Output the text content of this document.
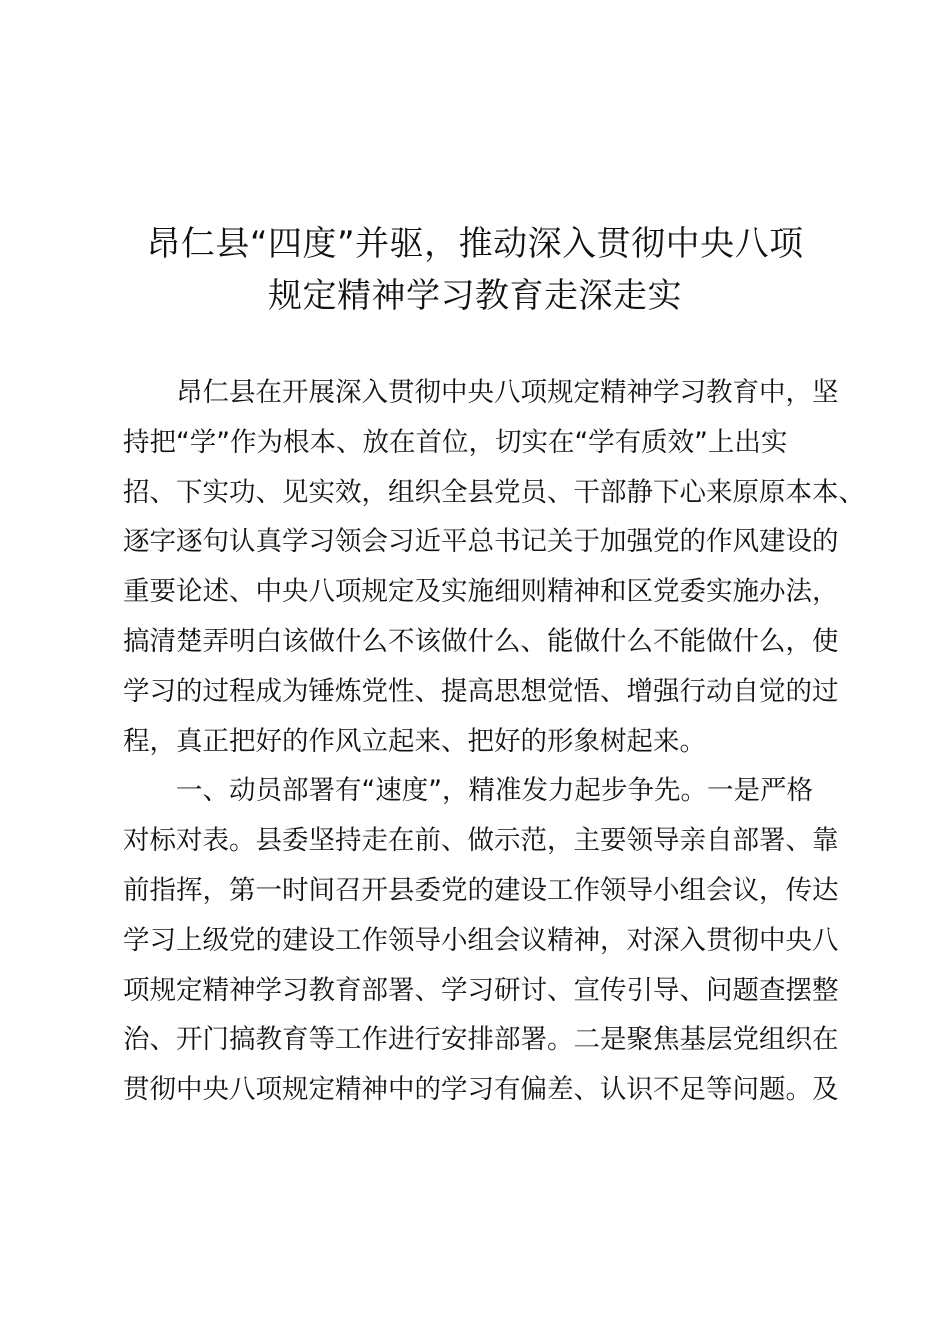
昂仁县“四度”并驱，推动深入贯彻中央八项
规定精神学习教育走深走实

昂仁县在开展深入贯彻中央八项规定精神学习教育中，坚
持把“学”作为根本、放在首位，切实在“学有质效”上出实
招、下实功、见实效，组织全县党员、干部静下心来原原本本、
逐字逐句认真学习领会习近平总书记关于加强党的作风建设的
重要论述、中央八项规定及实施细则精神和区党委实施办法，
搞清楚弄明白该做什么不该做什么、能做什么不能做什么，使
学习的过程成为锤炼党性、提高思想觉悟、增强行动自觉的过
程，真正把好的作风立起来、把好的形象树起来。

一、动员部署有“速度”，精准发力起步争先。一是严格
对标对表。县委坚持走在前、做示范，主要领导亲自部署、靠
前指挥，第一时间召开县委党的建设工作领导小组会议，传达
学习上级党的建设工作领导小组会议精神，对深入贯彻中央八
项规定精神学习教育部署、学习研讨、宣传引导、问题查摆整
治、开门搞教育等工作进行安排部署。二是聚焦基层党组织在
贯彻中央八项规定精神中的学习有偏差、认识不足等问题。及
